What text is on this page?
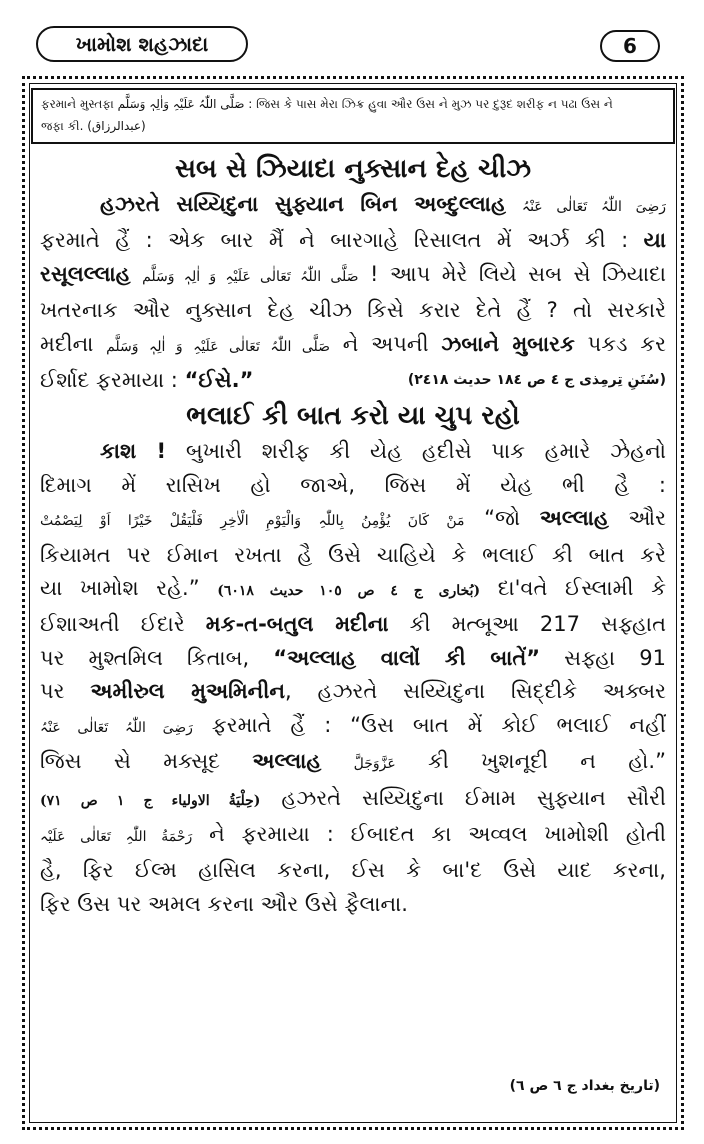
ખામોશ શહઝાદા	6
ફરમાને મુસ્તફા صَلَّی اللّٰہُ عَلَیْہِ وَاٰلِہٖ وَسَلَّم : જિસ કે પાસ મેરા ઝિક્ર હુવા ઔર ઉસ ને મુઝ પર દુરૂદ શરીફ ન પઢા ઉસ ને
જફા કી. (عبدالرزاق)
સબ સે ઝિયાદા નુક્સાન દેહ ચીઝ
હઝરતે સય્યિદુના સુફ્યાન બિન અબ્દુલ્લાહ رَضِیَ اللّٰہُ تَعَالٰی عَنْہُ
ફરમાતે હૈં : એક બાર મૈં ને બારગાહે રિસાલત મેં અર્ઝ કી : યા
રસૂલલ્લાહ صَلَّی اللّٰہُ تَعَالٰی عَلَیْہِ وَ اٰلِہٖ وَسَلَّم ! આપ મેરે લિયે સબ સે ઝિયાદા
ખતરનાક ઔર નુક્સાન દેહ ચીઝ કિસે કરાર દેતે હૈં ? તો સરકારે
મદીના صَلَّی اللّٰہُ تَعَالٰی عَلَیْہِ وَ اٰلِہٖ وَسَلَّم ને અપની ઝબાને મુબારક પકડ કર
ઈર્શાદ ફરમાયા : “ઈસે.”	(سُنَنِ تِرمِذی ج ٤ ص ١٨٤ حدیث ٢٤١٨)
ભલાઈ કી બાત કરો યા ચુપ રહો
કાશ ! બુખારી શરીફ કી યેહ હદીસે પાક હમારે ઝેહનો
દિમાગ મેં રાસિખ હો જાએ, જિસ મેં યેહ ભી હૈ :
مَنْ کَانَ یُؤْمِنُ بِاللّٰہِ وَالْیَوْمِ الْاٰخِرِ فَلْیَقُلْ خَیْرًا اَوْ لِیَصْمُتْ “જો અલ્લાહ ઔર
કિયામત પર ઈમાન રખતા હૈ ઉસે ચાહિયે કે ભલાઈ કી બાત કરે
યા ખામોશ રહે.” (بُخاری ج ٤ ص ١٠٥ حدیث ٦٠١٨) દા'વતે ઈસ્લામી કે
ઈશાઅતી ઈદારે મક-ત-બતુલ મદીના કી મત્બૂઆ 217 સફ્હાત
પર મુશ્તમિલ કિતાબ, “અલ્લાહ વાલોં કી બાતેં” સફ્હા 91
પર અમીરુલ મુઅમિનીન, હઝરતે સય્યિદુના સિદ્દીકે અક્બર
رَضِیَ اللّٰہُ تَعَالٰی عَنْہُ ફરમાતે હૈં : “ઉસ બાત મેં કોઈ ભલાઈ નહીં
જિસ સે મક્સૂદ અલ્લાહ عَزَّوَجَلَّ કી ખુશનૂદી ન હો.”
(حِلْیَةُ الاولیاء ج ١ ص ٧١) હઝરતે સય્યિદુના ઈમામ સુફ્યાન સૌરી
رَحْمَةُ اللّٰہِ تَعَالٰی عَلَیْہ ને ફરમાયા : ઈબાદત કા અવ્વલ ખામોશી હોતી
હૈ, ફિર ઈલ્મ હાસિલ કરના, ઈસ કે બા'દ ઉસે યાદ કરના,
ફિર ઉસ પર અમલ કરના ઔર ઉસે ફૈલાના.
(تاریخ بغداد ج ٦ ص ٦)
